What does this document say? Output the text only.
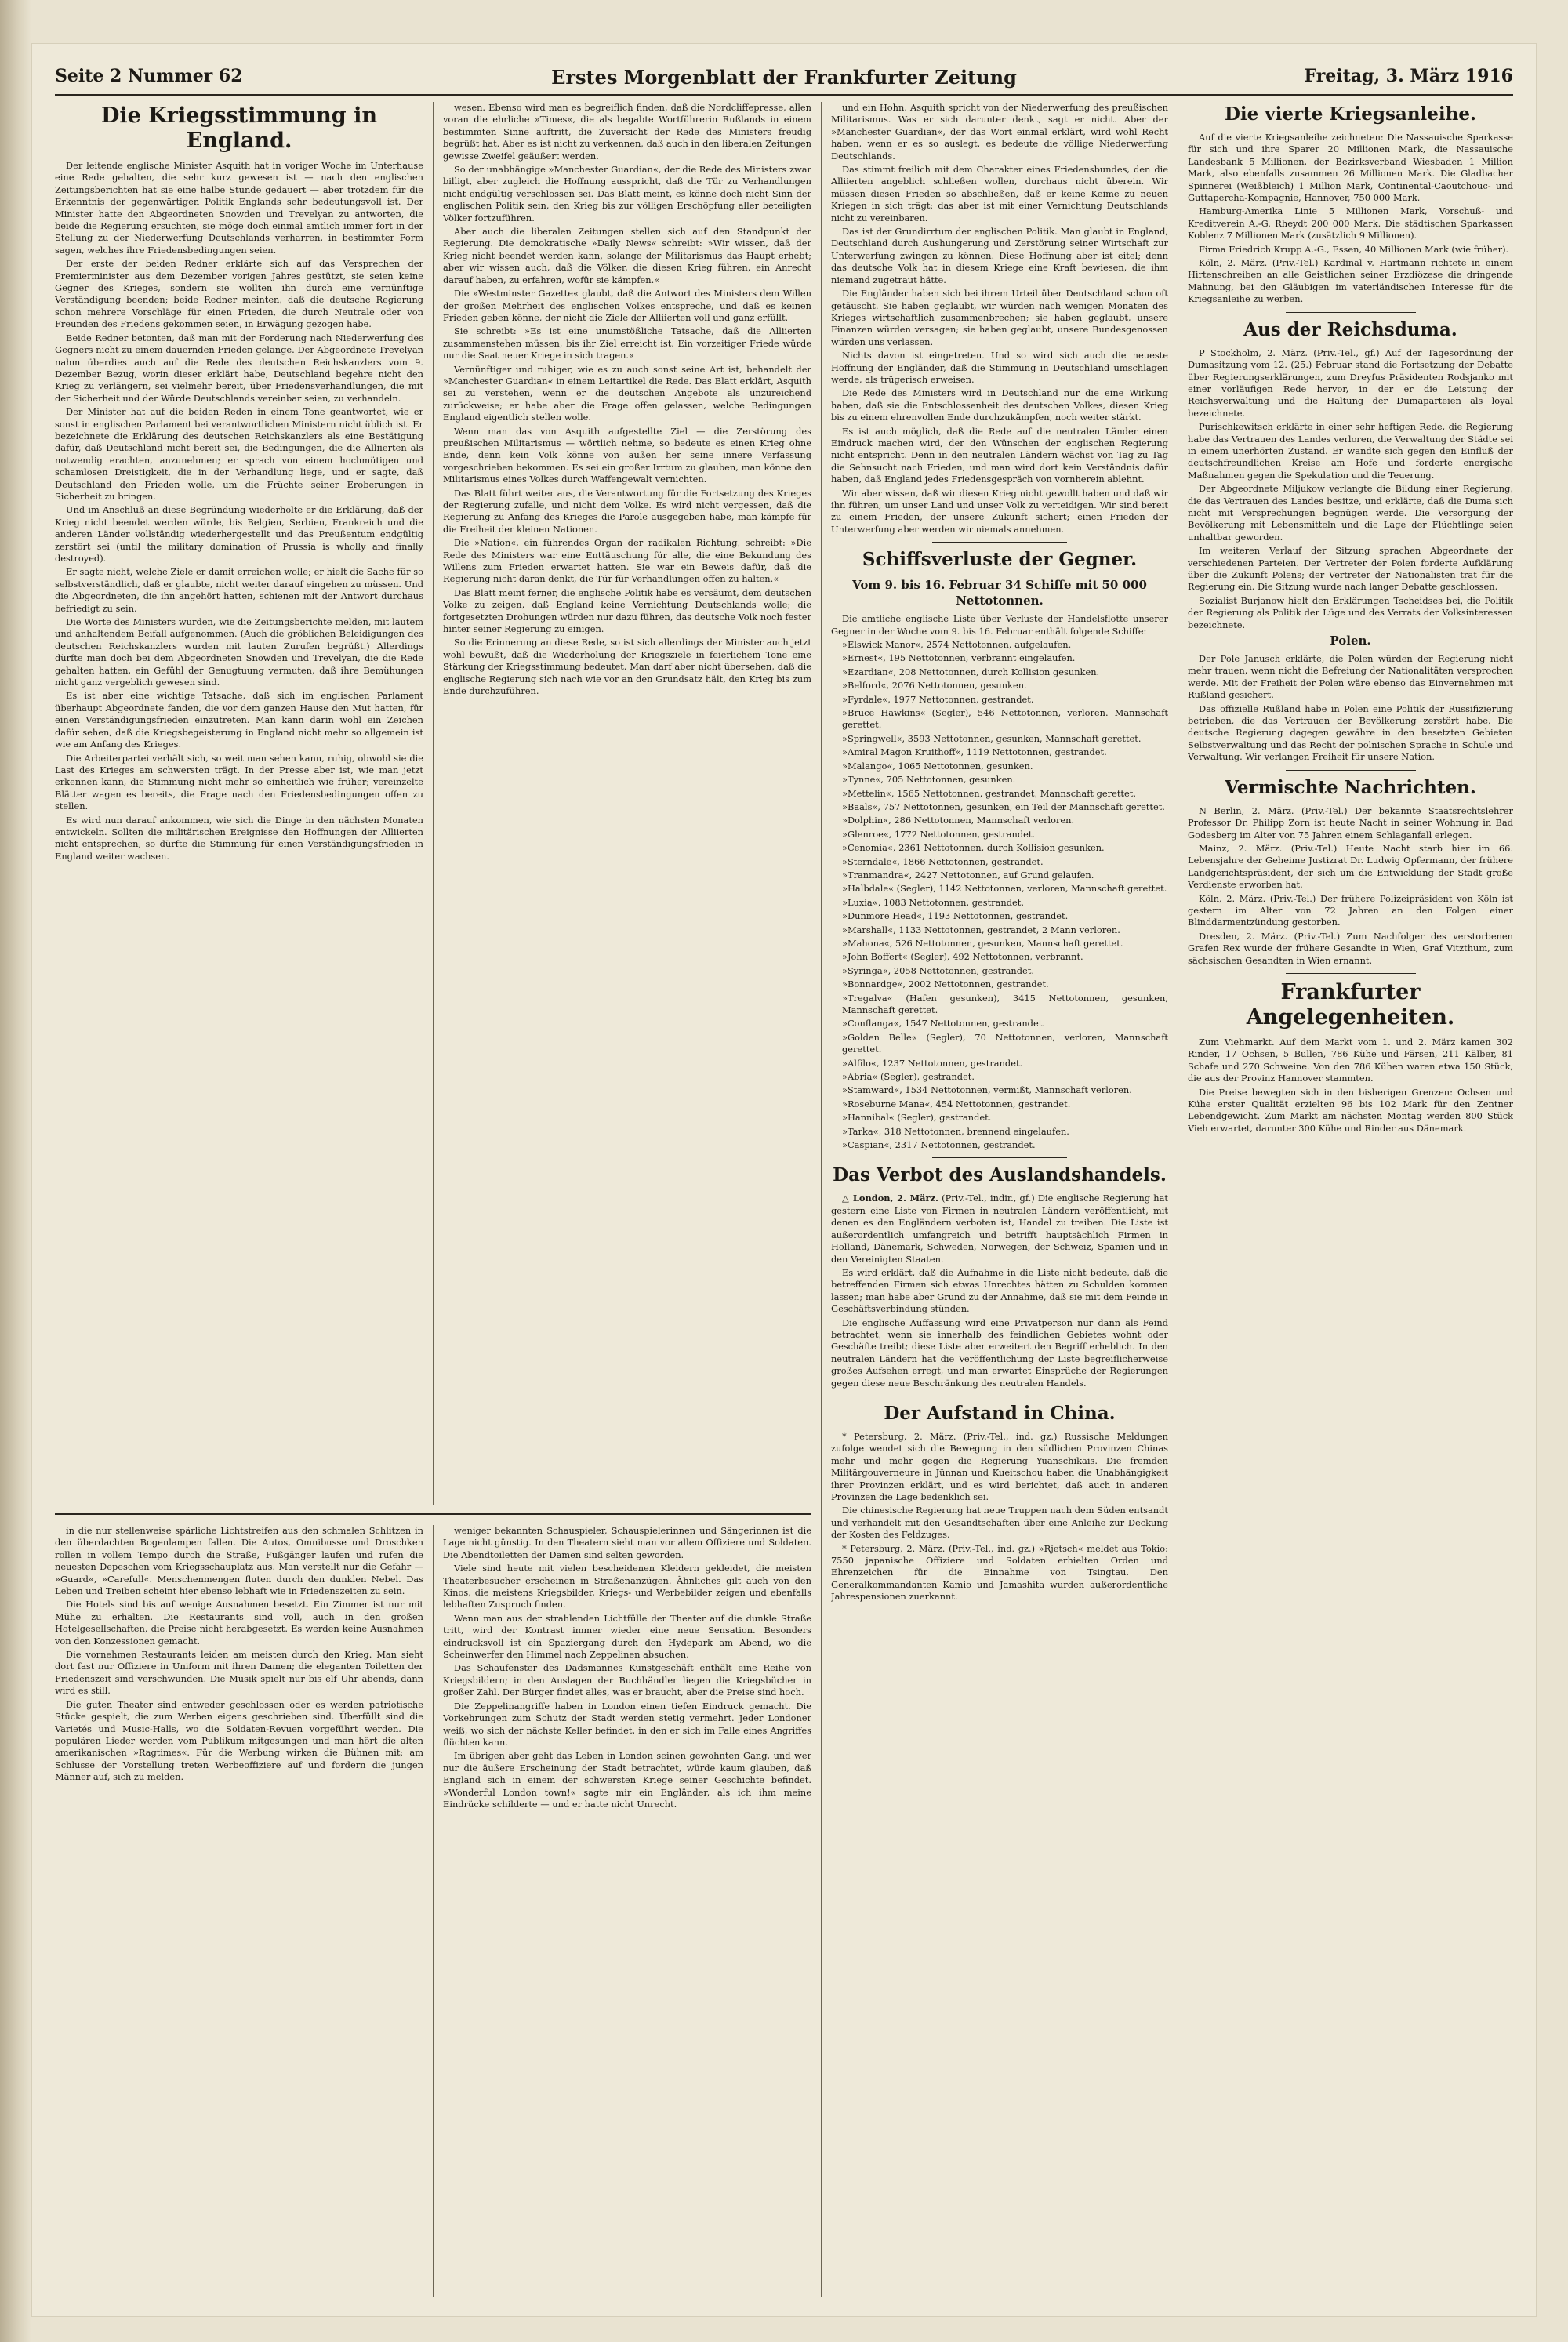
Seite 2 Nummer 62	Erstes Morgenblatt der Frankfurter Zeitung	Freitag, 3. März 1916
Die Kriegsstimmung in England.

Der leitende englische Minister Asquith hat in voriger Woche im Unterhause eine Rede gehalten, die sehr kurz gewesen ist — nach den englischen Zeitungsberichten hat sie eine halbe Stunde gedauert — aber trotzdem für die Erkenntnis der gegenwärtigen Politik Englands sehr bedeutungsvoll ist. Der Minister hatte den Abgeordneten Snowden und Trevelyan zu antworten, die beide die Regierung ersuchten, sie möge doch einmal amtlich immer fort in der Stellung zu der Niederwerfung Deutschlands verharren, in bestimmter Form sagen, welches ihre Friedensbedingungen seien.

Der erste der beiden Redner erklärte sich auf das Versprechen der Premierminister aus dem Dezember vorigen Jahres gestützt, sie seien keine Gegner des Krieges, sondern sie wollten ihn durch eine vernünftige Verständigung beenden; beide Redner meinten, daß die deutsche Regierung schon mehrere Vorschläge für einen Frieden, die durch Neutrale oder von Freunden des Friedens gekommen seien, in Erwägung gezogen habe.

Beide Redner betonten, daß man mit der Forderung nach Niederwerfung des Gegners nicht zu einem dauernden Frieden gelange. Der Abgeordnete Trevelyan nahm überdies auch auf die Rede des deutschen Reichskanzlers vom 9. Dezember Bezug, worin dieser erklärt habe, Deutschland begehre nicht den Krieg zu verlängern, sei vielmehr bereit, über Friedensverhandlungen, die mit der Sicherheit und der Würde Deutschlands vereinbar seien, zu verhandeln.

Der Minister hat auf die beiden Reden in einem Tone geantwortet, wie er sonst in englischen Parlament bei verantwortlichen Ministern nicht üblich ist. Er bezeichnete die Erklärung des deutschen Reichskanzlers als eine Bestätigung dafür, daß Deutschland nicht bereit sei, die Bedingungen, die die Alliierten als notwendig erachten, anzunehmen; er sprach von einem hochmütigen und schamlosen Dreistigkeit, die in der Verhandlung liege, und er sagte, daß Deutschland den Frieden wolle, um die Früchte seiner Eroberungen in Sicherheit zu bringen.

Und im Anschluß an diese Begründung wiederholte er die Erklärung, daß der Krieg nicht beendet werden würde, bis Belgien, Serbien, Frankreich und die anderen Länder vollständig wiederhergestellt und das Preußentum endgültig zerstört sei (until the military domination of Prussia is wholly and finally destroyed).

Er sagte nicht, welche Ziele er damit erreichen wolle; er hielt die Sache für so selbstverständlich, daß er glaubte, nicht weiter darauf eingehen zu müssen. Und die Abgeordneten, die ihn angehört hatten, schienen mit der Antwort durchaus befriedigt zu sein.

Die Worte des Ministers wurden, wie die Zeitungsberichte melden, mit lautem und anhaltendem Beifall aufgenommen. (Auch die gröblichen Beleidigungen des deutschen Reichskanzlers wurden mit lauten Zurufen begrüßt.) Allerdings dürfte man doch bei dem Abgeordneten Snowden und Trevelyan, die die Rede gehalten hatten, ein Gefühl der Genugtuung vermuten, daß ihre Bemühungen nicht ganz vergeblich gewesen sind.

Es ist aber eine wichtige Tatsache, daß sich im englischen Parlament überhaupt Abgeordnete fanden, die vor dem ganzen Hause den Mut hatten, für einen Verständigungsfrieden einzutreten. Man kann darin wohl ein Zeichen dafür sehen, daß die Kriegsbegeisterung in England nicht mehr so allgemein ist wie am Anfang des Krieges.

Die Arbeiterpartei verhält sich, so weit man sehen kann, ruhig, obwohl sie die Last des Krieges am schwersten trägt. In der Presse aber ist, wie man jetzt erkennen kann, die Stimmung nicht mehr so einheitlich wie früher; vereinzelte Blätter wagen es bereits, die Frage nach den Friedensbedingungen offen zu stellen.

Es wird nun darauf ankommen, wie sich die Dinge in den nächsten Monaten entwickeln. Sollten die militärischen Ereignisse den Hoffnungen der Alliierten nicht entsprechen, so dürfte die Stimmung für einen Verständigungsfrieden in England weiter wachsen.

wesen. Ebenso wird man es begreiflich finden, daß die Nordcliffepresse, allen voran die ehrliche »Times«, die als begabte Wortführerin Rußlands in einem bestimmten Sinne auftritt, die Zuversicht der Rede des Ministers freudig begrüßt hat. Aber es ist nicht zu verkennen, daß auch in den liberalen Zeitungen gewisse Zweifel geäußert werden.

So der unabhängige »Manchester Guardian«, der die Rede des Ministers zwar billigt, aber zugleich die Hoffnung ausspricht, daß die Tür zu Verhandlungen nicht endgültig verschlossen sei. Das Blatt meint, es könne doch nicht Sinn der englischen Politik sein, den Krieg bis zur völligen Erschöpfung aller beteiligten Völker fortzuführen.

Aber auch die liberalen Zeitungen stellen sich auf den Standpunkt der Regierung. Die demokratische »Daily News« schreibt: »Wir wissen, daß der Krieg nicht beendet werden kann, solange der Militarismus das Haupt erhebt; aber wir wissen auch, daß die Völker, die diesen Krieg führen, ein Anrecht darauf haben, zu erfahren, wofür sie kämpfen.«

Die »Westminster Gazette« glaubt, daß die Antwort des Ministers dem Willen der großen Mehrheit des englischen Volkes entspreche, und daß es keinen Frieden geben könne, der nicht die Ziele der Alliierten voll und ganz erfüllt.

Sie schreibt: »Es ist eine unumstößliche Tatsache, daß die Alliierten zusammenstehen müssen, bis ihr Ziel erreicht ist. Ein vorzeitiger Friede würde nur die Saat neuer Kriege in sich tragen.«

Vernünftiger und ruhiger, wie es zu auch sonst seine Art ist, behandelt der »Manchester Guardian« in einem Leitartikel die Rede. Das Blatt erklärt, Asquith sei zu verstehen, wenn er die deutschen Angebote als unzureichend zurückweise; er habe aber die Frage offen gelassen, welche Bedingungen England eigentlich stellen wolle.

Wenn man das von Asquith aufgestellte Ziel — die Zerstörung des preußischen Militarismus — wörtlich nehme, so bedeute es einen Krieg ohne Ende, denn kein Volk könne von außen her seine innere Verfassung vorgeschrieben bekommen. Es sei ein großer Irrtum zu glauben, man könne den Militarismus eines Volkes durch Waffengewalt vernichten.

Das Blatt führt weiter aus, die Verantwortung für die Fortsetzung des Krieges der Regierung zufalle, und nicht dem Volke. Es wird nicht vergessen, daß die Regierung zu Anfang des Krieges die Parole ausgegeben habe, man kämpfe für die Freiheit der kleinen Nationen.

Die »Nation«, ein führendes Organ der radikalen Richtung, schreibt: »Die Rede des Ministers war eine Enttäuschung für alle, die eine Bekundung des Willens zum Frieden erwartet hatten. Sie war ein Beweis dafür, daß die Regierung nicht daran denkt, die Tür für Verhandlungen offen zu halten.«

Das Blatt meint ferner, die englische Politik habe es versäumt, dem deutschen Volke zu zeigen, daß England keine Vernichtung Deutschlands wolle; die fortgesetzten Drohungen würden nur dazu führen, das deutsche Volk noch fester hinter seiner Regierung zu einigen.

So die Erinnerung an diese Rede, so ist sich allerdings der Minister auch jetzt wohl bewußt, daß die Wiederholung der Kriegsziele in feierlichem Tone eine Stärkung der Kriegsstimmung bedeutet. Man darf aber nicht übersehen, daß die englische Regierung sich nach wie vor an den Grundsatz hält, den Krieg bis zum Ende durchzuführen.

und ein Hohn. Asquith spricht von der Niederwerfung des preußischen Militarismus. Was er sich darunter denkt, sagt er nicht. Aber der »Manchester Guardian«, der das Wort einmal erklärt, wird wohl Recht haben, wenn er es so auslegt, es bedeute die völlige Niederwerfung Deutschlands.

Das stimmt freilich mit dem Charakter eines Friedensbundes, den die Alliierten angeblich schließen wollen, durchaus nicht überein. Wir müssen diesen Frieden so abschließen, daß er keine Keime zu neuen Kriegen in sich trägt; das aber ist mit einer Vernichtung Deutschlands nicht zu vereinbaren.

Das ist der Grundirrtum der englischen Politik. Man glaubt in England, Deutschland durch Aushungerung und Zerstörung seiner Wirtschaft zur Unterwerfung zwingen zu können. Diese Hoffnung aber ist eitel; denn das deutsche Volk hat in diesem Kriege eine Kraft bewiesen, die ihm niemand zugetraut hätte.

Die Engländer haben sich bei ihrem Urteil über Deutschland schon oft getäuscht. Sie haben geglaubt, wir würden nach wenigen Monaten des Krieges wirtschaftlich zusammenbrechen; sie haben geglaubt, unsere Finanzen würden versagen; sie haben geglaubt, unsere Bundesgenossen würden uns verlassen.

Nichts davon ist eingetreten. Und so wird sich auch die neueste Hoffnung der Engländer, daß die Stimmung in Deutschland umschlagen werde, als trügerisch erweisen.

Die Rede des Ministers wird in Deutschland nur die eine Wirkung haben, daß sie die Entschlossenheit des deutschen Volkes, diesen Krieg bis zu einem ehrenvollen Ende durchzukämpfen, noch weiter stärkt.

Es ist auch möglich, daß die Rede auf die neutralen Länder einen Eindruck machen wird, der den Wünschen der englischen Regierung nicht entspricht. Denn in den neutralen Ländern wächst von Tag zu Tag die Sehnsucht nach Frieden, und man wird dort kein Verständnis dafür haben, daß England jedes Friedensgespräch von vornherein ablehnt.

Wir aber wissen, daß wir diesen Krieg nicht gewollt haben und daß wir ihn führen, um unser Land und unser Volk zu verteidigen. Wir sind bereit zu einem Frieden, der unsere Zukunft sichert; einen Frieden der Unterwerfung aber werden wir niemals annehmen.

Schiffsverluste der Gegner.
Vom 9. bis 16. Februar 34 Schiffe mit 50 000 Nettotonnen.

Die amtliche englische Liste über Verluste der Handelsflotte unserer Gegner in der Woche vom 9. bis 16. Februar enthält folgende Schiffe:

»Elswick Manor«, 2574 Nettotonnen, aufgelaufen.

»Ernest«, 195 Nettotonnen, verbrannt eingelaufen.

»Ezardian«, 208 Nettotonnen, durch Kollision gesunken.

»Belford«, 2076 Nettotonnen, gesunken.

»Fyrdale«, 1977 Nettotonnen, gestrandet.

»Bruce Hawkins« (Segler), 546 Nettotonnen, verloren. Mannschaft gerettet.

»Springwell«, 3593 Nettotonnen, gesunken, Mannschaft gerettet.

»Amiral Magon Kruithoff«, 1119 Nettotonnen, gestrandet.

»Malango«, 1065 Nettotonnen, gesunken.

»Tynne«, 705 Nettotonnen, gesunken.

»Mettelin«, 1565 Nettotonnen, gestrandet, Mannschaft gerettet.

»Baals«, 757 Nettotonnen, gesunken, ein Teil der Mannschaft gerettet.

»Dolphin«, 286 Nettotonnen, Mannschaft verloren.

»Glenroe«, 1772 Nettotonnen, gestrandet.

»Cenomia«, 2361 Nettotonnen, durch Kollision gesunken.

»Sterndale«, 1866 Nettotonnen, gestrandet.

»Tranmandra«, 2427 Nettotonnen, auf Grund gelaufen.

»Halbdale« (Segler), 1142 Nettotonnen, verloren, Mannschaft gerettet.

»Luxia«, 1083 Nettotonnen, gestrandet.

»Dunmore Head«, 1193 Nettotonnen, gestrandet.

»Marshall«, 1133 Nettotonnen, gestrandet, 2 Mann verloren.

»Mahona«, 526 Nettotonnen, gesunken, Mannschaft gerettet.

»John Boffert« (Segler), 492 Nettotonnen, verbrannt.

»Syringa«, 2058 Nettotonnen, gestrandet.

»Bonnardge«, 2002 Nettotonnen, gestrandet.

»Tregalva« (Hafen gesunken), 3415 Nettotonnen, gesunken, Mannschaft gerettet.

»Conflanga«, 1547 Nettotonnen, gestrandet.

»Golden Belle« (Segler), 70 Nettotonnen, verloren, Mannschaft gerettet.

»Alfilo«, 1237 Nettotonnen, gestrandet.

»Abria« (Segler), gestrandet.

»Stamward«, 1534 Nettotonnen, vermißt, Mannschaft verloren.

»Roseburne Mana«, 454 Nettotonnen, gestrandet.

»Hannibal« (Segler), gestrandet.

»Tarka«, 318 Nettotonnen, brennend eingelaufen.

»Caspian«, 2317 Nettotonnen, gestrandet.

Das Verbot des Auslandshandels.

△ London, 2. März. (Priv.-Tel., indir., gf.) Die englische Regierung hat gestern eine Liste von Firmen in neutralen Ländern veröffentlicht, mit denen es den Engländern verboten ist, Handel zu treiben. Die Liste ist außerordentlich umfangreich und betrifft hauptsächlich Firmen in Holland, Dänemark, Schweden, Norwegen, der Schweiz, Spanien und in den Vereinigten Staaten.

Es wird erklärt, daß die Aufnahme in die Liste nicht bedeute, daß die betreffenden Firmen sich etwas Unrechtes hätten zu Schulden kommen lassen; man habe aber Grund zu der Annahme, daß sie mit dem Feinde in Geschäftsverbindung stünden.

Die englische Auffassung wird eine Privatperson nur dann als Feind betrachtet, wenn sie innerhalb des feindlichen Gebietes wohnt oder Geschäfte treibt; diese Liste aber erweitert den Begriff erheblich. In den neutralen Ländern hat die Veröffentlichung der Liste begreiflicherweise großes Aufsehen erregt, und man erwartet Einsprüche der Regierungen gegen diese neue Beschränkung des neutralen Handels.

Der Aufstand in China.

* Petersburg, 2. März. (Priv.-Tel., ind. gz.) Russische Meldungen zufolge wendet sich die Bewegung in den südlichen Provinzen Chinas mehr und mehr gegen die Regierung Yuanschikais. Die fremden Militärgouverneure in Jünnan und Kueitschou haben die Unabhängigkeit ihrer Provinzen erklärt, und es wird berichtet, daß auch in anderen Provinzen die Lage bedenklich sei.

Die chinesische Regierung hat neue Truppen nach dem Süden entsandt und verhandelt mit den Gesandtschaften über eine Anleihe zur Deckung der Kosten des Feldzuges.

* Petersburg, 2. März. (Priv.-Tel., ind. gz.) »Rjetsch« meldet aus Tokio: 7550 japanische Offiziere und Soldaten erhielten Orden und Ehrenzeichen für die Einnahme von Tsingtau. Den Generalkommandanten Kamio und Jamashita wurden außerordentliche Jahrespensionen zuerkannt.

Die vierte Kriegsanleihe.

Auf die vierte Kriegsanleihe zeichneten: Die Nassauische Sparkasse für sich und ihre Sparer 20 Millionen Mark, die Nassauische Landesbank 5 Millionen, der Bezirksverband Wiesbaden 1 Million Mark, also ebenfalls zusammen 26 Millionen Mark. Die Gladbacher Spinnerei (Weißbleich) 1 Million Mark, Continental-Caoutchouc- und Guttapercha-Kompagnie, Hannover, 750 000 Mark.

Hamburg-Amerika Linie 5 Millionen Mark, Vorschuß- und Kreditverein A.-G. Rheydt 200 000 Mark. Die städtischen Sparkassen Koblenz 7 Millionen Mark (zusätzlich 9 Millionen).

Firma Friedrich Krupp A.-G., Essen, 40 Millionen Mark (wie früher).

Köln, 2. März. (Priv.-Tel.) Kardinal v. Hartmann richtete in einem Hirtenschreiben an alle Geistlichen seiner Erzdiözese die dringende Mahnung, bei den Gläubigen im vaterländischen Interesse für die Kriegsanleihe zu werben.

Aus der Reichsduma.

P Stockholm, 2. März. (Priv.-Tel., gf.) Auf der Tagesordnung der Dumasitzung vom 12. (25.) Februar stand die Fortsetzung der Debatte über Regierungserklärungen, zum Dreyfus Präsidenten Rodsjanko mit einer vorläufigen Rede hervor, in der er die Leistung der Reichsverwaltung und die Haltung der Dumaparteien als loyal bezeichnete.

Purischkewitsch erklärte in einer sehr heftigen Rede, die Regierung habe das Vertrauen des Landes verloren, die Verwaltung der Städte sei in einem unerhörten Zustand. Er wandte sich gegen den Einfluß der deutschfreundlichen Kreise am Hofe und forderte energische Maßnahmen gegen die Spekulation und die Teuerung.

Der Abgeordnete Miljukow verlangte die Bildung einer Regierung, die das Vertrauen des Landes besitze, und erklärte, daß die Duma sich nicht mit Versprechungen begnügen werde. Die Versorgung der Bevölkerung mit Lebensmitteln und die Lage der Flüchtlinge seien unhaltbar geworden.

Im weiteren Verlauf der Sitzung sprachen Abgeordnete der verschiedenen Parteien. Der Vertreter der Polen forderte Aufklärung über die Zukunft Polens; der Vertreter der Nationalisten trat für die Regierung ein. Die Sitzung wurde nach langer Debatte geschlossen.

Sozialist Burjanow hielt den Erklärungen Tscheidses bei, die Politik der Regierung als Politik der Lüge und des Verrats der Volksinteressen bezeichnete.

Polen.

Der Pole Janusch erklärte, die Polen würden der Regierung nicht mehr trauen, wenn nicht die Befreiung der Nationalitäten versprochen werde. Mit der Freiheit der Polen wäre ebenso das Einvernehmen mit Rußland gesichert.

Das offizielle Rußland habe in Polen eine Politik der Russifizierung betrieben, die das Vertrauen der Bevölkerung zerstört habe. Die deutsche Regierung dagegen gewähre in den besetzten Gebieten Selbstverwaltung und das Recht der polnischen Sprache in Schule und Verwaltung. Wir verlangen Freiheit für unsere Nation.

Vermischte Nachrichten.

N Berlin, 2. März. (Priv.-Tel.) Der bekannte Staatsrechtslehrer Professor Dr. Philipp Zorn ist heute Nacht in seiner Wohnung in Bad Godesberg im Alter von 75 Jahren einem Schlaganfall erlegen.

Mainz, 2. März. (Priv.-Tel.) Heute Nacht starb hier im 66. Lebensjahre der Geheime Justizrat Dr. Ludwig Opfermann, der frühere Landgerichtspräsident, der sich um die Entwicklung der Stadt große Verdienste erworben hat.

Köln, 2. März. (Priv.-Tel.) Der frühere Polizeipräsident von Köln ist gestern im Alter von 72 Jahren an den Folgen einer Blinddarmentzündung gestorben.

Dresden, 2. März. (Priv.-Tel.) Zum Nachfolger des verstorbenen Grafen Rex wurde der frühere Gesandte in Wien, Graf Vitzthum, zum sächsischen Gesandten in Wien ernannt.

Frankfurter Angelegenheiten.

Zum Viehmarkt. Auf dem Markt vom 1. und 2. März kamen 302 Rinder, 17 Ochsen, 5 Bullen, 786 Kühe und Färsen, 211 Kälber, 81 Schafe und 270 Schweine. Von den 786 Kühen waren etwa 150 Stück, die aus der Provinz Hannover stammten.

Die Preise bewegten sich in den bisherigen Grenzen: Ochsen und Kühe erster Qualität erzielten 96 bis 102 Mark für den Zentner Lebendgewicht. Zum Markt am nächsten Montag werden 800 Stück Vieh erwartet, darunter 300 Kühe und Rinder aus Dänemark.

in die nur stellenweise spärliche Lichtstreifen aus den schmalen Schlitzen in den überdachten Bogenlampen fallen. Die Autos, Omnibusse und Droschken rollen in vollem Tempo durch die Straße, Fußgänger laufen und rufen die neuesten Depeschen vom Kriegsschauplatz aus. Man verstellt nur die Gefahr — »Guard«, »Carefull«. Menschenmengen fluten durch den dunklen Nebel. Das Leben und Treiben scheint hier ebenso lebhaft wie in Friedenszeiten zu sein.

Die Hotels sind bis auf wenige Ausnahmen besetzt. Ein Zimmer ist nur mit Mühe zu erhalten. Die Restaurants sind voll, auch in den großen Hotelgesellschaften, die Preise nicht herabgesetzt. Es werden keine Ausnahmen von den Konzessionen gemacht.

Die vornehmen Restaurants leiden am meisten durch den Krieg. Man sieht dort fast nur Offiziere in Uniform mit ihren Damen; die eleganten Toiletten der Friedenszeit sind verschwunden. Die Musik spielt nur bis elf Uhr abends, dann wird es still.

Die guten Theater sind entweder geschlossen oder es werden patriotische Stücke gespielt, die zum Werben eigens geschrieben sind. Überfüllt sind die Varietés und Music-Halls, wo die Soldaten-Revuen vorgeführt werden. Die populären Lieder werden vom Publikum mitgesungen und man hört die alten amerikanischen »Ragtimes«. Für die Werbung wirken die Bühnen mit; am Schlusse der Vorstellung treten Werbeoffiziere auf und fordern die jungen Männer auf, sich zu melden.

weniger bekannten Schauspieler, Schauspielerinnen und Sängerinnen ist die Lage nicht günstig. In den Theatern sieht man vor allem Offiziere und Soldaten. Die Abendtoiletten der Damen sind selten geworden.

Viele sind heute mit vielen bescheidenen Kleidern gekleidet, die meisten Theaterbesucher erscheinen in Straßenanzügen. Ähnliches gilt auch von den Kinos, die meistens Kriegsbilder, Kriegs- und Werbebilder zeigen und ebenfalls lebhaften Zuspruch finden.

Wenn man aus der strahlenden Lichtfülle der Theater auf die dunkle Straße tritt, wird der Kontrast immer wieder eine neue Sensation. Besonders eindrucksvoll ist ein Spaziergang durch den Hydepark am Abend, wo die Scheinwerfer den Himmel nach Zeppelinen absuchen.

Das Schaufenster des Dadsmannes Kunstgeschäft enthält eine Reihe von Kriegsbildern; in den Auslagen der Buchhändler liegen die Kriegsbücher in großer Zahl. Der Bürger findet alles, was er braucht, aber die Preise sind hoch.

Die Zeppelinangriffe haben in London einen tiefen Eindruck gemacht. Die Vorkehrungen zum Schutz der Stadt werden stetig vermehrt. Jeder Londoner weiß, wo sich der nächste Keller befindet, in den er sich im Falle eines Angriffes flüchten kann.

Im übrigen aber geht das Leben in London seinen gewohnten Gang, und wer nur die äußere Erscheinung der Stadt betrachtet, würde kaum glauben, daß England sich in einem der schwersten Kriege seiner Geschichte befindet. »Wonderful London town!« sagte mir ein Engländer, als ich ihm meine Eindrücke schilderte — und er hatte nicht Unrecht.
